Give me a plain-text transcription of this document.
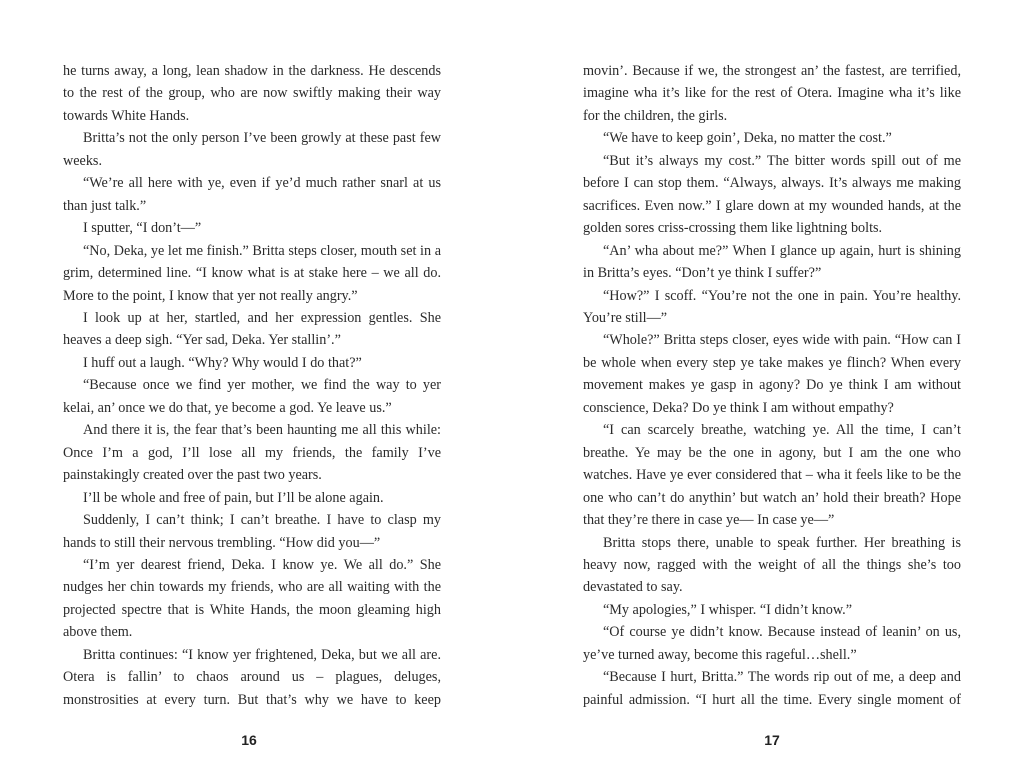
he turns away, a long, lean shadow in the darkness. He descends to the rest of the group, who are now swiftly making their way towards White Hands.

Britta’s not the only person I’ve been growly at these past few weeks.

“We’re all here with ye, even if ye’d much rather snarl at us than just talk.”

I sputter, “I don’t—”

“No, Deka, ye let me finish.” Britta steps closer, mouth set in a grim, determined line. “I know what is at stake here – we all do. More to the point, I know that yer not really angry.”

I look up at her, startled, and her expression gentles. She heaves a deep sigh. “Yer sad, Deka. Yer stallin’.”

I huff out a laugh. “Why? Why would I do that?”

“Because once we find yer mother, we find the way to yer kelai, an’ once we do that, ye become a god. Ye leave us.”

And there it is, the fear that’s been haunting me all this while: Once I’m a god, I’ll lose all my friends, the family I’ve painstakingly created over the past two years.

I’ll be whole and free of pain, but I’ll be alone again.

Suddenly, I can’t think; I can’t breathe. I have to clasp my hands to still their nervous trembling. “How did you—”

“I’m yer dearest friend, Deka. I know ye. We all do.” She nudges her chin towards my friends, who are all waiting with the projected spectre that is White Hands, the moon gleaming high above them.

Britta continues: “I know yer frightened, Deka, but we all are. Otera is fallin’ to chaos around us – plagues, deluges, monstrosities at every turn. But that’s why we have to keep

movin’. Because if we, the strongest an’ the fastest, are terrified, imagine wha it’s like for the rest of Otera. Imagine wha it’s like for the children, the girls.

“We have to keep goin’, Deka, no matter the cost.”

“But it’s always my cost.” The bitter words spill out of me before I can stop them. “Always, always. It’s always me making sacrifices. Even now.” I glare down at my wounded hands, at the golden sores criss-crossing them like lightning bolts.

“An’ wha about me?” When I glance up again, hurt is shining in Britta’s eyes. “Don’t ye think I suffer?”

“How?” I scoff. “You’re not the one in pain. You’re healthy. You’re still—”

“Whole?” Britta steps closer, eyes wide with pain. “How can I be whole when every step ye take makes ye flinch? When every movement makes ye gasp in agony? Do ye think I am without conscience, Deka? Do ye think I am without empathy?

“I can scarcely breathe, watching ye. All the time, I can’t breathe. Ye may be the one in agony, but I am the one who watches. Have ye ever considered that – wha it feels like to be the one who can’t do anythin’ but watch an’ hold their breath? Hope that they’re there in case ye— In case ye—”

Britta stops there, unable to speak further. Her breathing is heavy now, ragged with the weight of all the things she’s too devastated to say.

“My apologies,” I whisper. “I didn’t know.”

“Of course ye didn’t know. Because instead of leanin’ on us, ye’ve turned away, become this rageful…shell.”

“Because I hurt, Britta.” The words rip out of me, a deep and painful admission. “I hurt all the time. Every single moment of

16	17
